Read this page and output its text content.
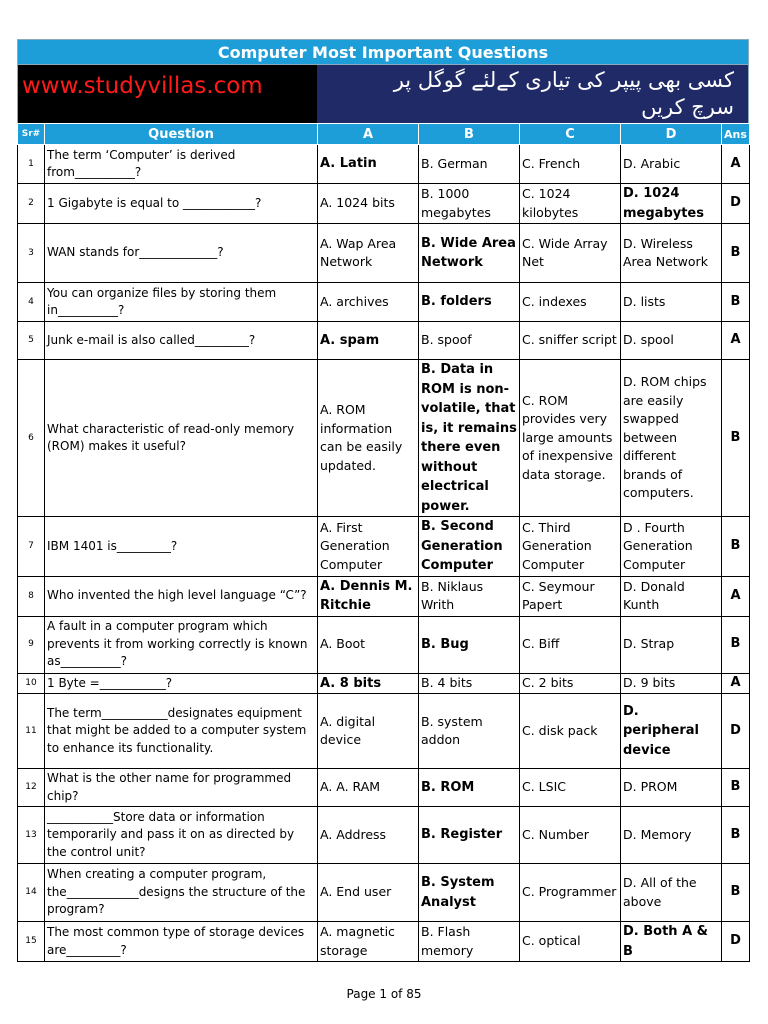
Computer Most Important Questions
www.studyvillas.com	کسی بھی پیپر کی تیاری کےلئے گوگل پر
سرچ کریں
Sr#	Question	A	B	C	D	Ans
1	The term ‘Computer’ is derived from__________?	A. Latin	B. German	C. French	D. Arabic	A
2	1 Gigabyte is equal to ____________?	A. 1024 bits	B. 1000 megabytes	C. 1024 kilobytes	D. 1024 megabytes	D
3	WAN stands for_____________?	A. Wap Area Network	B. Wide Area Network	C. Wide Array Net	D. Wireless Area Network	B
4	You can organize files by storing them in__________?	A. archives	B. folders	C. indexes	D. lists	B
5	Junk e-mail is also called_________?	A. spam	B. spoof	C. sniffer script	D. spool	A
6	What characteristic of read-only memory (ROM) makes it useful?	A. ROM information can be easily updated.	B. Data in ROM is non-volatile, that is, it remains there even without electrical power.	C. ROM provides very large amounts of inexpensive data storage.	D. ROM chips are easily swapped between different brands of computers.	B
7	IBM 1401 is_________?	A. First Generation Computer	B. Second Generation Computer	C. Third Generation Computer	D . Fourth Generation Computer	B
8	Who invented the high level language “C”?	A. Dennis M. Ritchie	B. Niklaus Writh	C. Seymour Papert	D. Donald Kunth	A
9	A fault in a computer program which prevents it from working correctly is known as__________?	A. Boot	B. Bug	C. Biff	D. Strap	B
10	1 Byte =___________?	A. 8 bits	B. 4 bits	C. 2 bits	D. 9 bits	A
11	The term___________designates equipment that might be added to a computer system to enhance its functionality.	A. digital device	B. system addon	C. disk pack	D. peripheral device	D
12	What is the other name for programmed chip?	A. A. RAM	B. ROM	C. LSIC	D. PROM	B
13	___________Store data or information temporarily and pass it on as directed by the control unit?	A. Address	B. Register	C. Number	D. Memory	B
14	When creating a computer program, the____________designs the structure of the program?	A. End user	B. System Analyst	C. Programmer	D. All of the above	B
15	The most common type of storage devices are_________?	A. magnetic storage	B. Flash memory	C. optical	D. Both A & B	D
Page 1 of 85
